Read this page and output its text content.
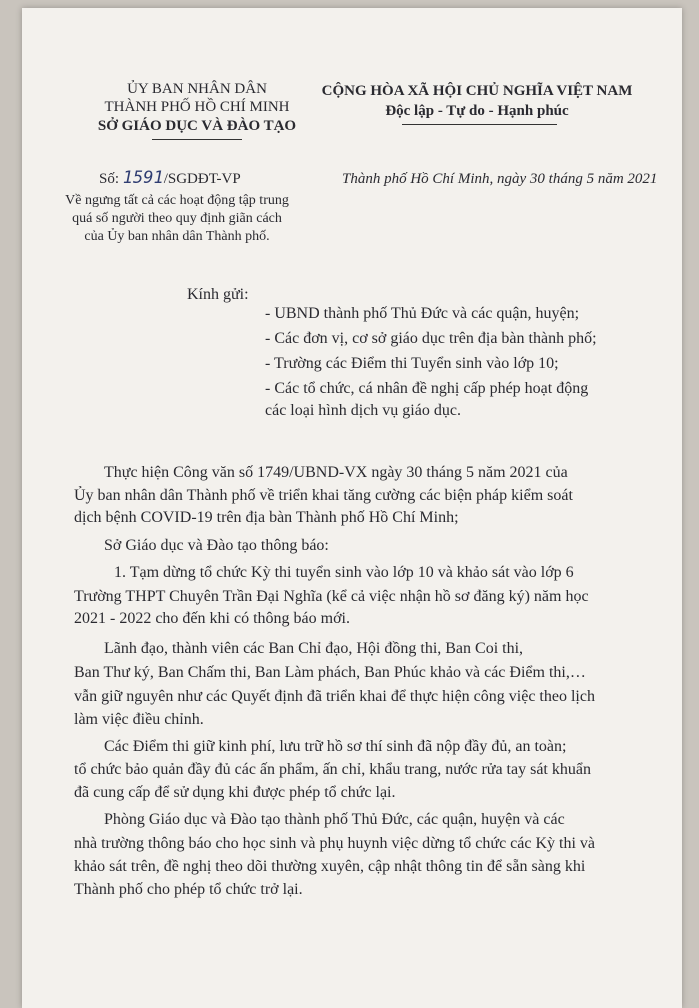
ỦY BAN NHÂN DÂN
THÀNH PHỐ HỒ CHÍ MINH
SỞ GIÁO DỤC VÀ ĐÀO TẠO
CỘNG HÒA XÃ HỘI CHỦ NGHĨA VIỆT NAM
Độc lập - Tự do - Hạnh phúc
Số: 1591/SGDĐT-VP	Thành phố Hồ Chí Minh, ngày 30 tháng 5 năm 2021
Về ngưng tất cả các hoạt động tập trung
quá số người theo quy định giãn cách
của Ủy ban nhân dân Thành phố.
Kính gửi:
- UBND thành phố Thủ Đức và các quận, huyện;
- Các đơn vị, cơ sở giáo dục trên địa bàn thành phố;
- Trường các Điểm thi Tuyển sinh vào lớp 10;
- Các tổ chức, cá nhân đề nghị cấp phép hoạt động
các loại hình dịch vụ giáo dục.
Thực hiện Công văn số 1749/UBND-VX ngày 30 tháng 5 năm 2021 của
Ủy ban nhân dân Thành phố về triển khai tăng cường các biện pháp kiểm soát
dịch bệnh COVID-19 trên địa bàn Thành phố Hồ Chí Minh;
Sở Giáo dục và Đào tạo thông báo:
1. Tạm dừng tổ chức Kỳ thi tuyển sinh vào lớp 10 và khảo sát vào lớp 6
Trường THPT Chuyên Trần Đại Nghĩa (kể cả việc nhận hồ sơ đăng ký) năm học
2021 - 2022 cho đến khi có thông báo mới.
Lãnh đạo, thành viên các Ban Chỉ đạo, Hội đồng thi, Ban Coi thi,
Ban Thư ký, Ban Chấm thi, Ban Làm phách, Ban Phúc khảo và các Điểm thi,…
vẫn giữ nguyên như các Quyết định đã triển khai để thực hiện công việc theo lịch
làm việc điều chỉnh.
Các Điểm thi giữ kinh phí, lưu trữ hồ sơ thí sinh đã nộp đầy đủ, an toàn;
tổ chức bảo quản đầy đủ các ấn phẩm, ấn chỉ, khẩu trang, nước rửa tay sát khuẩn
đã cung cấp để sử dụng khi được phép tổ chức lại.
Phòng Giáo dục và Đào tạo thành phố Thủ Đức, các quận, huyện và các
nhà trường thông báo cho học sinh và phụ huynh việc dừng tổ chức các Kỳ thi và
khảo sát trên, đề nghị theo dõi thường xuyên, cập nhật thông tin để sẵn sàng khi
Thành phố cho phép tổ chức trở lại.
